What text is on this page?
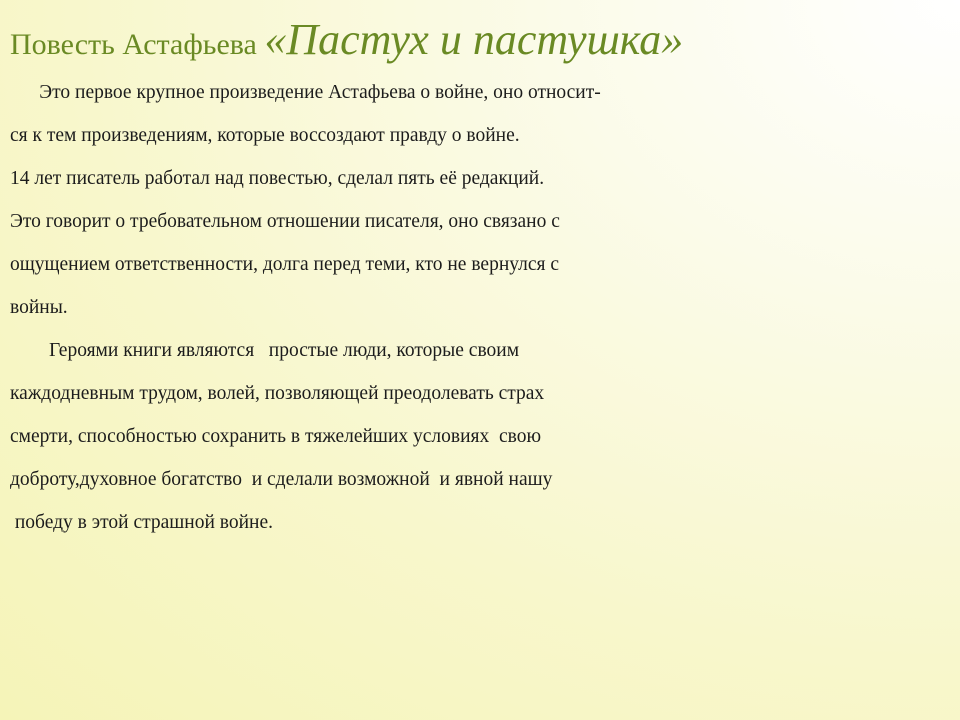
Повесть Астафьева «Пастух и пастушка»
Это первое крупное произведение Астафьева о войне, оно относит-
ся к тем произведениям, которые воссоздают правду о войне.
14 лет писатель работал над повестью, сделал пять её редакций.
Это говорит о требовательном отношении писателя, оно связано с
ощущением ответственности, долга перед теми, кто не вернулся с
войны.
Героями книги являются   простые люди, которые своим
каждодневным трудом, волей, позволяющей преодолевать страх
смерти, способностью сохранить в тяжелейших условиях  свою
доброту,духовное богатство  и сделали возможной  и явной нашу
победу в этой страшной войне.
